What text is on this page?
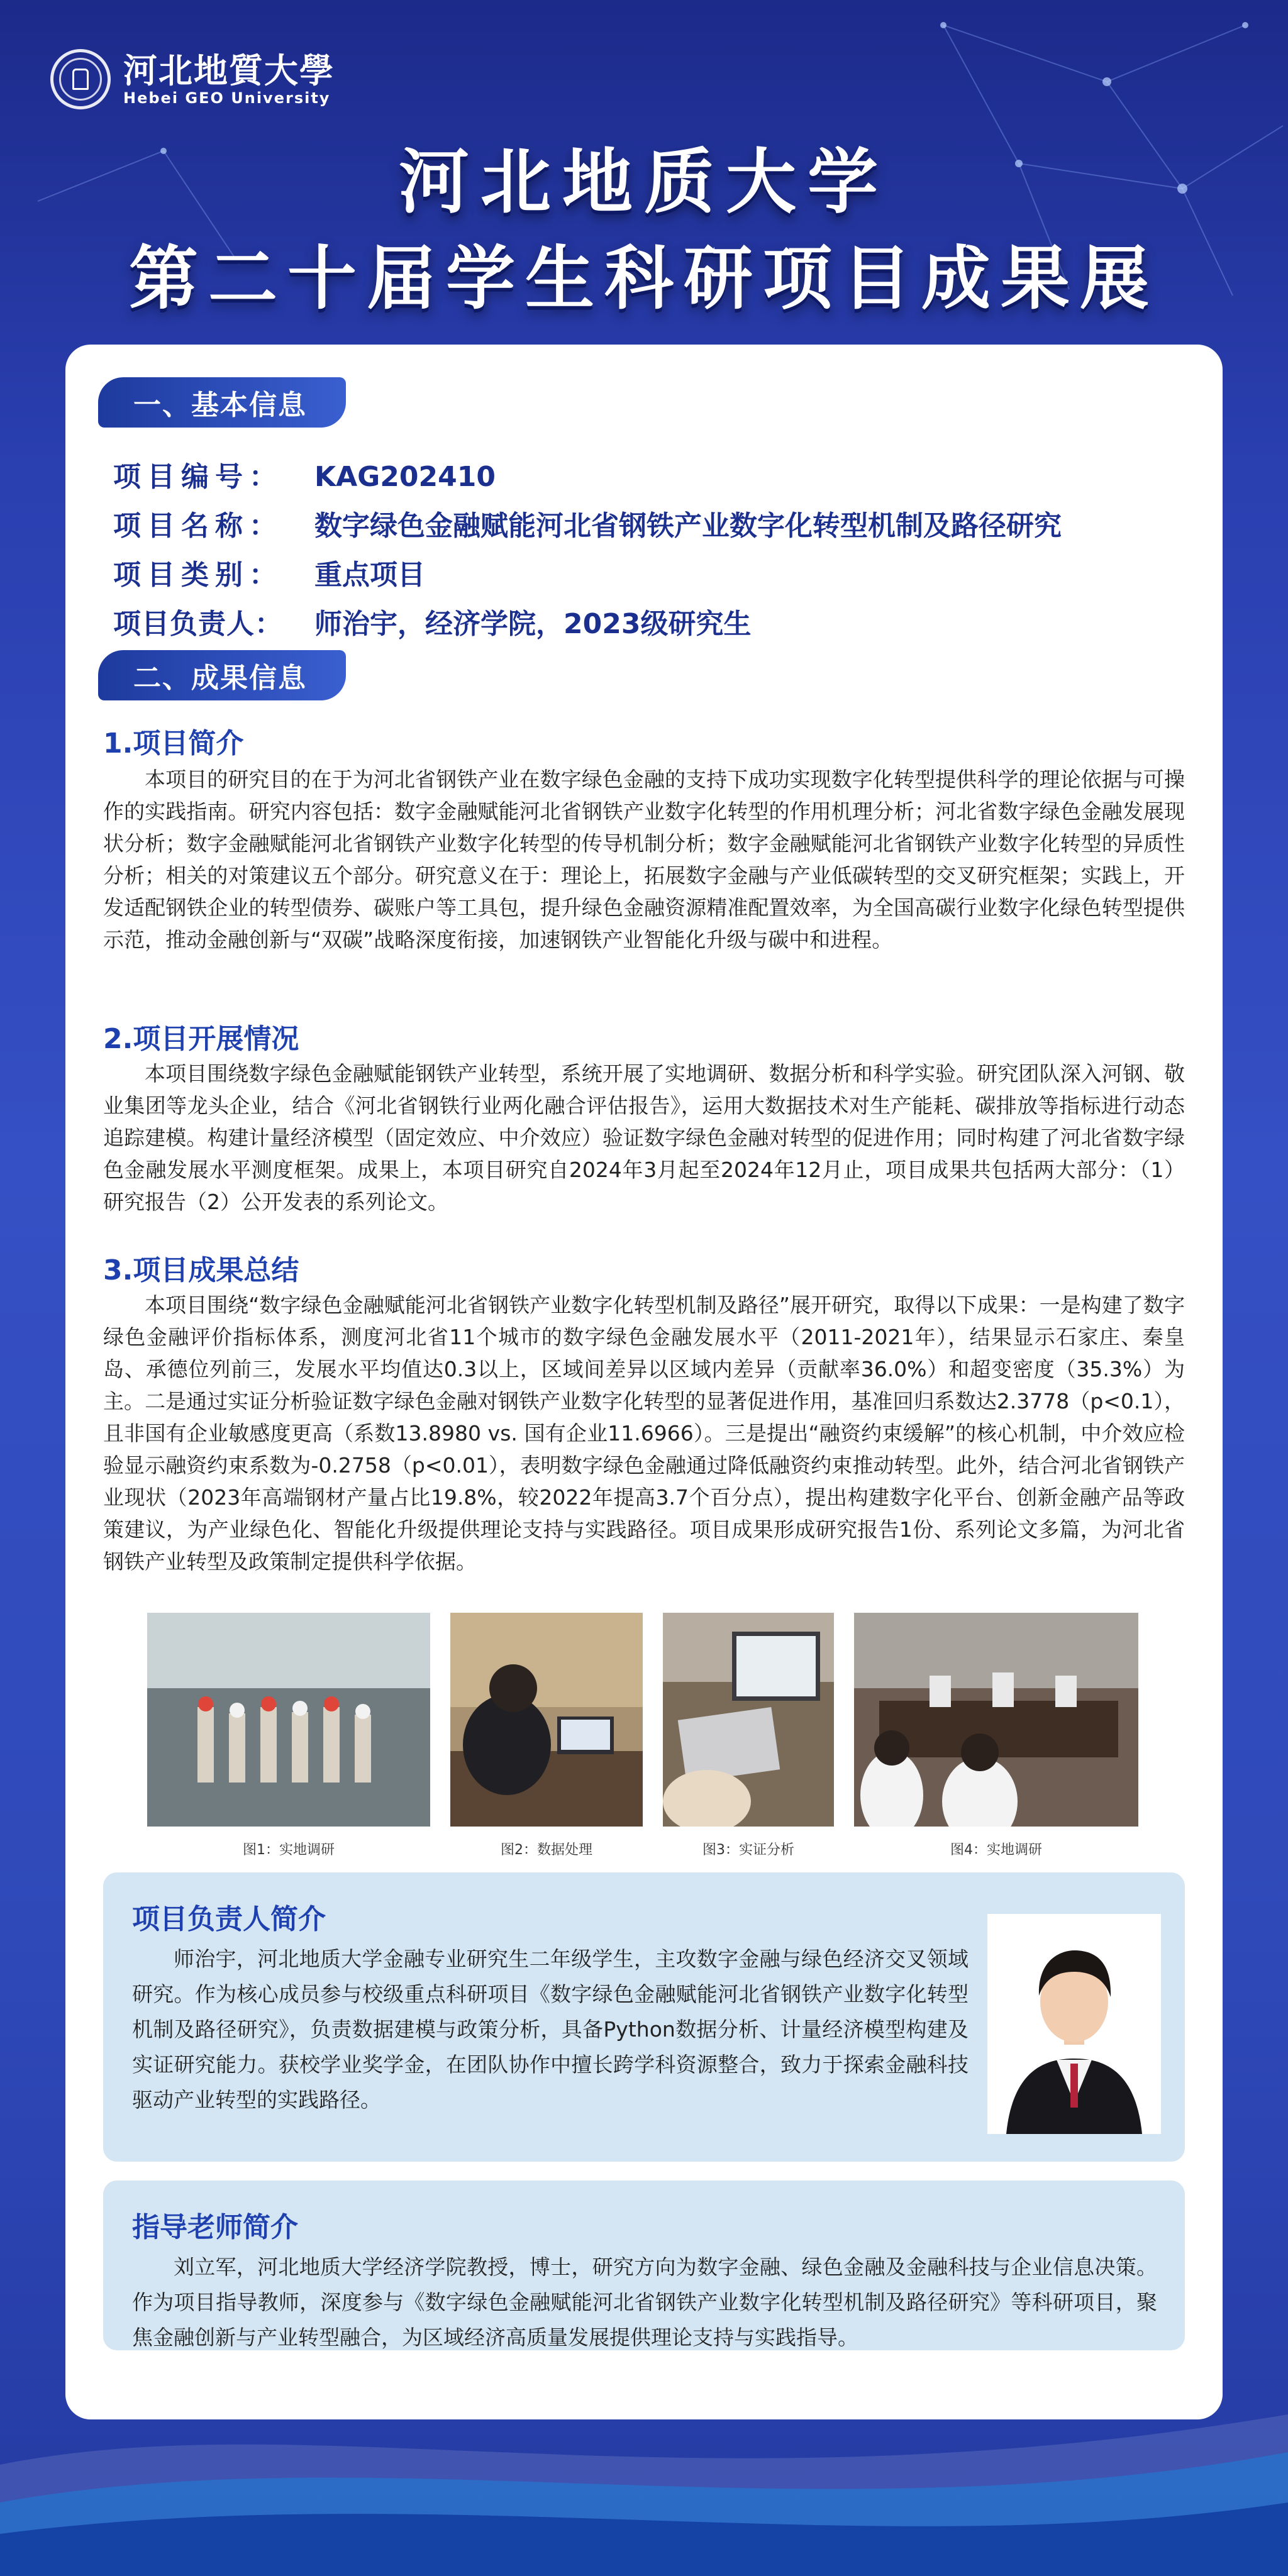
河北地質大學
Hebei GEO University
河北地质大学
第二十届学生科研项目成果展
一、基本信息
项目编号： KAG202410
项目名称： 数字绿色金融赋能河北省钢铁产业数字化转型机制及路径研究
项目类别： 重点项目
项目负责人： 师治宇，经济学院，2023级研究生
二、成果信息
1.项目简介
本项目的研究目的在于为河北省钢铁产业在数字绿色金融的支持下成功实现数字化转型提供科学的理论依据与可操作的实践指南。研究内容包括：数字金融赋能河北省钢铁产业数字化转型的作用机理分析；河北省数字绿色金融发展现状分析；数字金融赋能河北省钢铁产业数字化转型的传导机制分析；数字金融赋能河北省钢铁产业数字化转型的异质性分析；相关的对策建议五个部分。研究意义在于：理论上，拓展数字金融与产业低碳转型的交叉研究框架；实践上，开发适配钢铁企业的转型债券、碳账户等工具包，提升绿色金融资源精准配置效率，为全国高碳行业数字化绿色转型提供示范，推动金融创新与“双碳”战略深度衔接，加速钢铁产业智能化升级与碳中和进程。
2.项目开展情况
本项目围绕数字绿色金融赋能钢铁产业转型，系统开展了实地调研、数据分析和科学实验。研究团队深入河钢、敬业集团等龙头企业，结合《河北省钢铁行业两化融合评估报告》，运用大数据技术对生产能耗、碳排放等指标进行动态追踪建模。构建计量经济模型（固定效应、中介效应）验证数字绿色金融对转型的促进作用；同时构建了河北省数字绿色金融发展水平测度框架。成果上，本项目研究自2024年3月起至2024年12月止，项目成果共包括两大部分：（1）研究报告（2）公开发表的系列论文。
3.项目成果总结
本项目围绕“数字绿色金融赋能河北省钢铁产业数字化转型机制及路径”展开研究，取得以下成果：一是构建了数字绿色金融评价指标体系，测度河北省11个城市的数字绿色金融发展水平（2011-2021年），结果显示石家庄、秦皇岛、承德位列前三，发展水平均值达0.3以上，区域间差异以区域内差异（贡献率36.0%）和超变密度（35.3%）为主。二是通过实证分析验证数字绿色金融对钢铁产业数字化转型的显著促进作用，基准回归系数达2.3778（p<0.1），且非国有企业敏感度更高（系数13.8980 vs. 国有企业11.6966）。三是提出“融资约束缓解”的核心机制，中介效应检验显示融资约束系数为-0.2758（p<0.01），表明数字绿色金融通过降低融资约束推动转型。此外，结合河北省钢铁产业现状（2023年高端钢材产量占比19.8%，较2022年提高3.7个百分点），提出构建数字化平台、创新金融产品等政策建议，为产业绿色化、智能化升级提供理论支持与实践路径。项目成果形成研究报告1份、系列论文多篇，为河北省钢铁产业转型及政策制定提供科学依据。
图1：实地调研	图2：数据处理	图3：实证分析	图4：实地调研
项目负责人简介
师治宇，河北地质大学金融专业研究生二年级学生，主攻数字金融与绿色经济交叉领域研究。作为核心成员参与校级重点科研项目《数字绿色金融赋能河北省钢铁产业数字化转型机制及路径研究》，负责数据建模与政策分析，具备Python数据分析、计量经济模型构建及实证研究能力。获校学业奖学金，在团队协作中擅长跨学科资源整合，致力于探索金融科技驱动产业转型的实践路径。
指导老师简介
刘立军，河北地质大学经济学院教授，博士，研究方向为数字金融、绿色金融及金融科技与企业信息决策。作为项目指导教师，深度参与《数字绿色金融赋能河北省钢铁产业数字化转型机制及路径研究》等科研项目，聚焦金融创新与产业转型融合，为区域经济高质量发展提供理论支持与实践指导。
